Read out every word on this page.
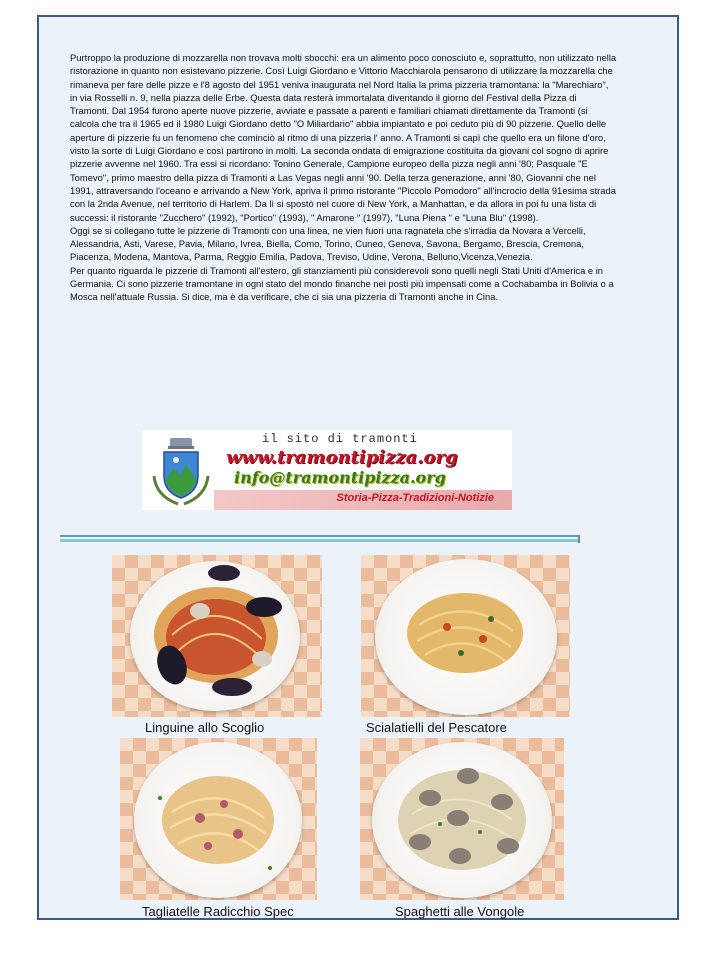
Purtroppo la produzione di mozzarella non trovava molti sbocchi: era un alimento poco conosciuto e, soprattutto, non utilizzato nella ristorazione in quanto non esistevano pizzerie. Così Luigi Giordano e Vittorio Macchiarola pensarono di utilizzare la mozzarella che rimaneva per fare delle pizze e l'8 agosto del 1951 veniva inaugurata nel Nord Italia la prima pizzeria tramontana: la "Marechiaro", in via Rosselli n. 9, nella piazza delle Erbe. Questa data resterà immortalata diventando il giorno del Festival della Pizza di Tramonti. Dal 1954 furono aperte nuove pizzerie, avviate e passate a parenti e familiari chiamati direttamente da Tramonti (si calcola che tra il 1965 ed il 1980 Luigi Giordano detto "O Miliardario" abbia impiantato e poi ceduto più di 90 pizzerie. Quello delle aperture di pizzerie fu un fenomeno che cominciò al ritmo di una pizzeria l' anno. A Tramonti si capì che quello era un filone d'oro, visto la sorte di Luigi Giordano e così partirono in molti. La seconda ondata di emigrazione costituita da giovani col sogno di aprire pizzerie avvenne nel 1960. Tra essi si ricordano: Tonino Generale, Campione europeo della pizza negli anni '80; Pasquale "E Tomevo", primo maestro della pizza di Tramonti a Las Vegas negli anni '90. Della terza generazione, anni '80, Giovanni che nel 1991, attraversando l'oceano e arrivando a New York, apriva il primo ristorante "Piccolo Pomodoro" all'incrocio della 91esima strada con la 2nda Avenue, nel territorio di Harlem. Da lì si spostò nel cuore di New York, a Manhattan, e da allora in poi fu una lista di successi: il ristorante "Zucchero" (1992), "Portico" (1993), " Amarone " (1997), "Luna Piena " e "Luna Blu" (1998).

Oggi se si collegano tutte le pizzerie di Tramonti con una linea, ne vien fuori una ragnatela che s'irradia da Novara a Vercelli, Alessandria, Asti, Varese, Pavia, Milano, Ivrea, Biella, Como, Torino, Cuneo, Genova, Savona, Bergamo, Brescia, Cremona, Piacenza, Modena, Mantova, Parma, Reggio Emilia, Padova, Treviso, Udine, Verona, Belluno,Vicenza,Venezia.

Per quanto riguarda le pizzerie di Tramonti all'estero, gli stanziamenti più considerevoli sono quelli negli Stati Uniti d'America e in Germania. Ci sono pizzerie tramontane in ogni stato del mondo finanche nei posti più impensati come a Cochabamba in Bolivia o a Mosca nell'attuale Russia. Si dice, ma è da verificare, che ci sia una pizzeria di Tramonti anche in Cina.

il sito di tramonti
www.tramontipizza.org
info@tramontipizza.org
Storia-Pizza-Tradizioni-Notizie
Linguine allo Scoglio	Scialatielli del Pescatore
Tagliatelle Radicchio Spec	Spaghetti alle Vongole
